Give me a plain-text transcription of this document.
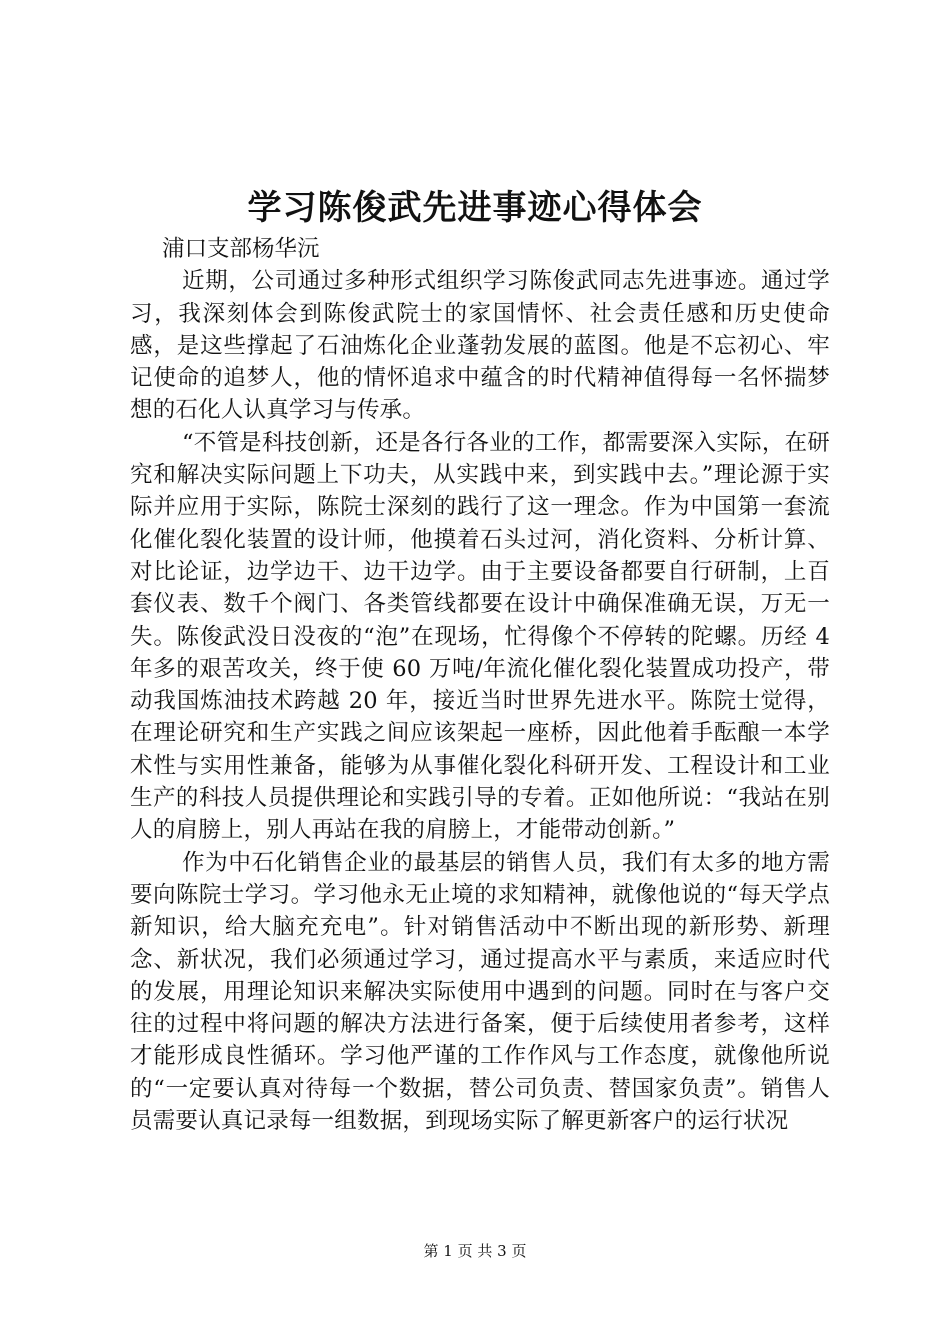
学习陈俊武先进事迹心得体会

浦口支部杨华沅

近期，公司通过多种形式组织学习陈俊武同志先进事迹。通过学习，我深刻体会到陈俊武院士的家国情怀、社会责任感和历史使命感，是这些撑起了石油炼化企业蓬勃发展的蓝图。他是不忘初心、牢记使命的追梦人，他的情怀追求中蕴含的时代精神值得每一名怀揣梦想的石化人认真学习与传承。

“不管是科技创新，还是各行各业的工作，都需要深入实际，在研究和解决实际问题上下功夫，从实践中来，到实践中去。”理论源于实际并应用于实际，陈院士深刻的践行了这一理念。作为中国第一套流化催化裂化装置的设计师，他摸着石头过河，消化资料、分析计算、对比论证，边学边干、边干边学。由于主要设备都要自行研制，上百套仪表、数千个阀门、各类管线都要在设计中确保准确无误，万无一失。陈俊武没日没夜的“泡”在现场，忙得像个不停转的陀螺。历经 4 年多的艰苦攻关，终于使 60 万吨/年流化催化裂化装置成功投产，带动我国炼油技术跨越 20 年，接近当时世界先进水平。陈院士觉得，在理论研究和生产实践之间应该架起一座桥，因此他着手酝酿一本学术性与实用性兼备，能够为从事催化裂化科研开发、工程设计和工业生产的科技人员提供理论和实践引导的专着。正如他所说：“我站在别人的肩膀上，别人再站在我的肩膀上，才能带动创新。”

作为中石化销售企业的最基层的销售人员，我们有太多的地方需要向陈院士学习。学习他永无止境的求知精神，就像他说的“每天学点新知识，给大脑充充电”。针对销售活动中不断出现的新形势、新理念、新状况，我们必须通过学习，通过提高水平与素质，来适应时代的发展，用理论知识来解决实际使用中遇到的问题。同时在与客户交往的过程中将问题的解决方法进行备案，便于后续使用者参考，这样才能形成良性循环。学习他严谨的工作作风与工作态度，就像他所说的“一定要认真对待每一个数据，替公司负责、替国家负责”。销售人员需要认真记录每一组数据，到现场实际了解更新客户的运行状况

第 1 页 共 3 页
